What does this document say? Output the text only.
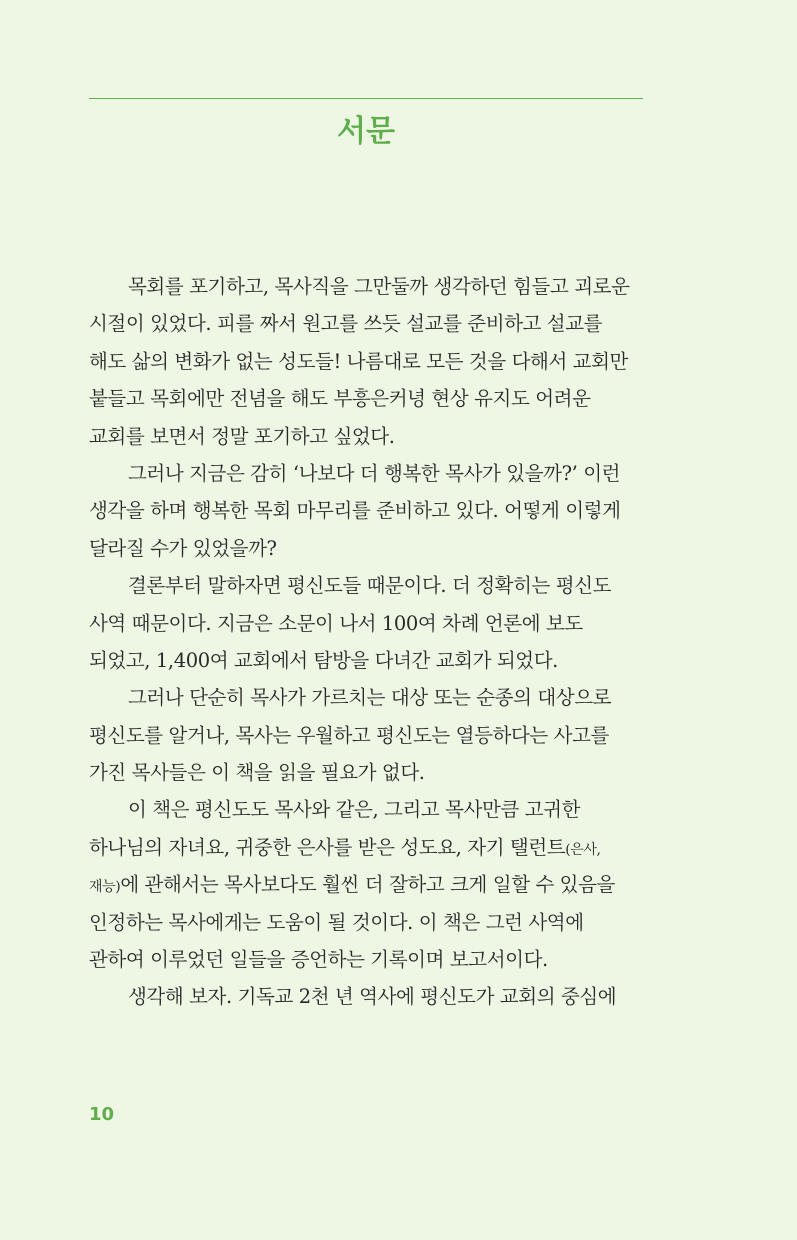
서문
목회를 포기하고, 목사직을 그만둘까 생각하던 힘들고 괴로운
시절이 있었다. 피를 짜서 원고를 쓰듯 설교를 준비하고 설교를
해도 삶의 변화가 없는 성도들! 나름대로 모든 것을 다해서 교회만
붙들고 목회에만 전념을 해도 부흥은커녕 현상 유지도 어려운
교회를 보면서 정말 포기하고 싶었다.
그러나 지금은 감히 ‘나보다 더 행복한 목사가 있을까?’ 이런
생각을 하며 행복한 목회 마무리를 준비하고 있다. 어떻게 이렇게
달라질 수가 있었을까?
결론부터 말하자면 평신도들 때문이다. 더 정확히는 평신도
사역 때문이다. 지금은 소문이 나서 100여 차례 언론에 보도
되었고, 1,400여 교회에서 탐방을 다녀간 교회가 되었다.
그러나 단순히 목사가 가르치는 대상 또는 순종의 대상으로
평신도를 알거나, 목사는 우월하고 평신도는 열등하다는 사고를
가진 목사들은 이 책을 읽을 필요가 없다.
이 책은 평신도도 목사와 같은, 그리고 목사만큼 고귀한
하나님의 자녀요, 귀중한 은사를 받은 성도요, 자기 탤런트(은사,
재능)에 관해서는 목사보다도 훨씬 더 잘하고 크게 일할 수 있음을
인정하는 목사에게는 도움이 될 것이다. 이 책은 그런 사역에
관하여 이루었던 일들을 증언하는 기록이며 보고서이다.
생각해 보자. 기독교 2천 년 역사에 평신도가 교회의 중심에
10
